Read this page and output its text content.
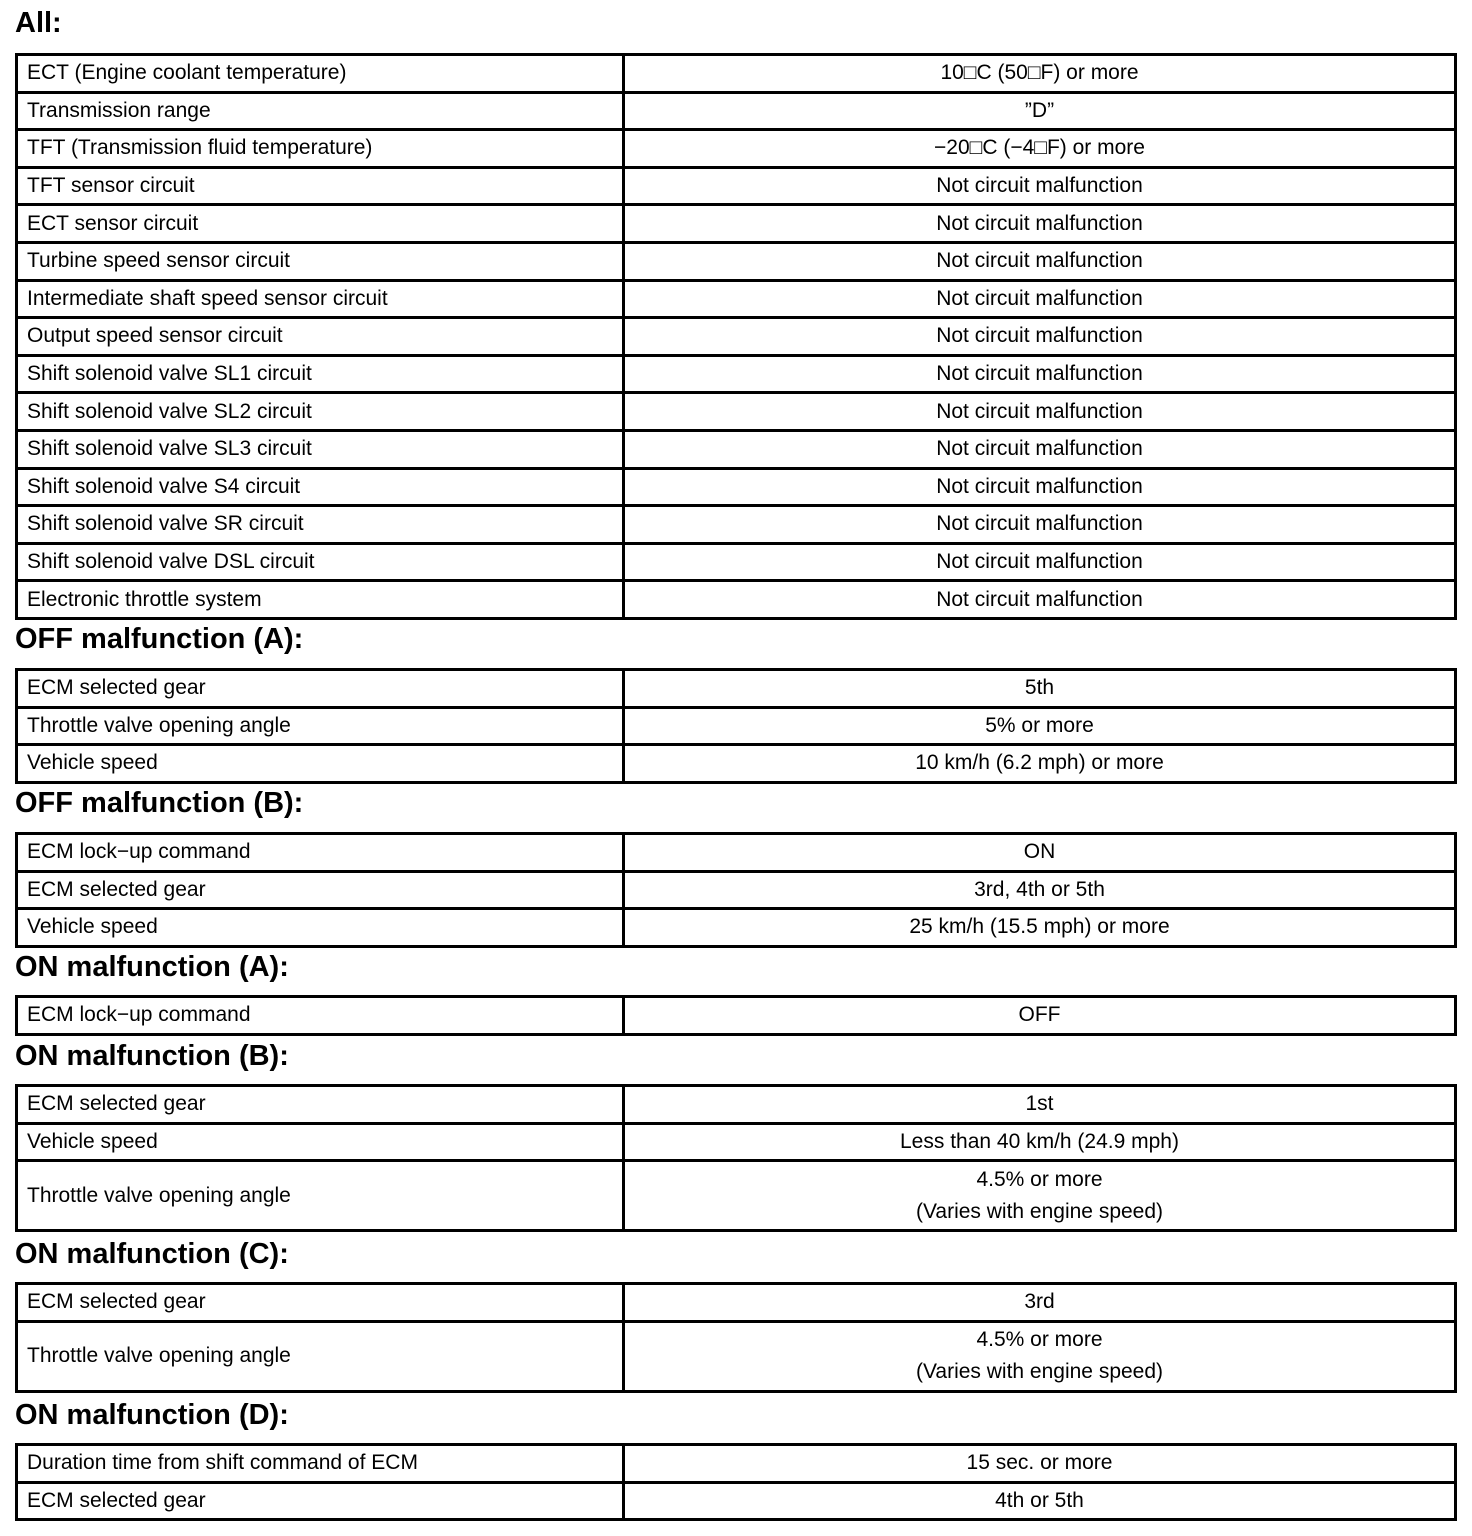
All:
ECT (Engine coolant temperature)	10□C (50□F) or more
Transmission range	”D”
TFT (Transmission fluid temperature)	−20□C (−4□F) or more
TFT sensor circuit	Not circuit malfunction
ECT sensor circuit	Not circuit malfunction
Turbine speed sensor circuit	Not circuit malfunction
Intermediate shaft speed sensor circuit	Not circuit malfunction
Output speed sensor circuit	Not circuit malfunction
Shift solenoid valve SL1 circuit	Not circuit malfunction
Shift solenoid valve SL2 circuit	Not circuit malfunction
Shift solenoid valve SL3 circuit	Not circuit malfunction
Shift solenoid valve S4 circuit	Not circuit malfunction
Shift solenoid valve SR circuit	Not circuit malfunction
Shift solenoid valve DSL circuit	Not circuit malfunction
Electronic throttle system	Not circuit malfunction
OFF malfunction (A):
ECM selected gear	5th
Throttle valve opening angle	5% or more
Vehicle speed	10 km/h (6.2 mph) or more
OFF malfunction (B):
ECM lock−up command	ON
ECM selected gear	3rd, 4th or 5th
Vehicle speed	25 km/h (15.5 mph) or more
ON malfunction (A):
ECM lock−up command	OFF
ON malfunction (B):
ECM selected gear	1st
Vehicle speed	Less than 40 km/h (24.9 mph)
Throttle valve opening angle	4.5% or more
(Varies with engine speed)
ON malfunction (C):
ECM selected gear	3rd
Throttle valve opening angle	4.5% or more
(Varies with engine speed)
ON malfunction (D):
Duration time from shift command of ECM	15 sec. or more
ECM selected gear	4th or 5th
